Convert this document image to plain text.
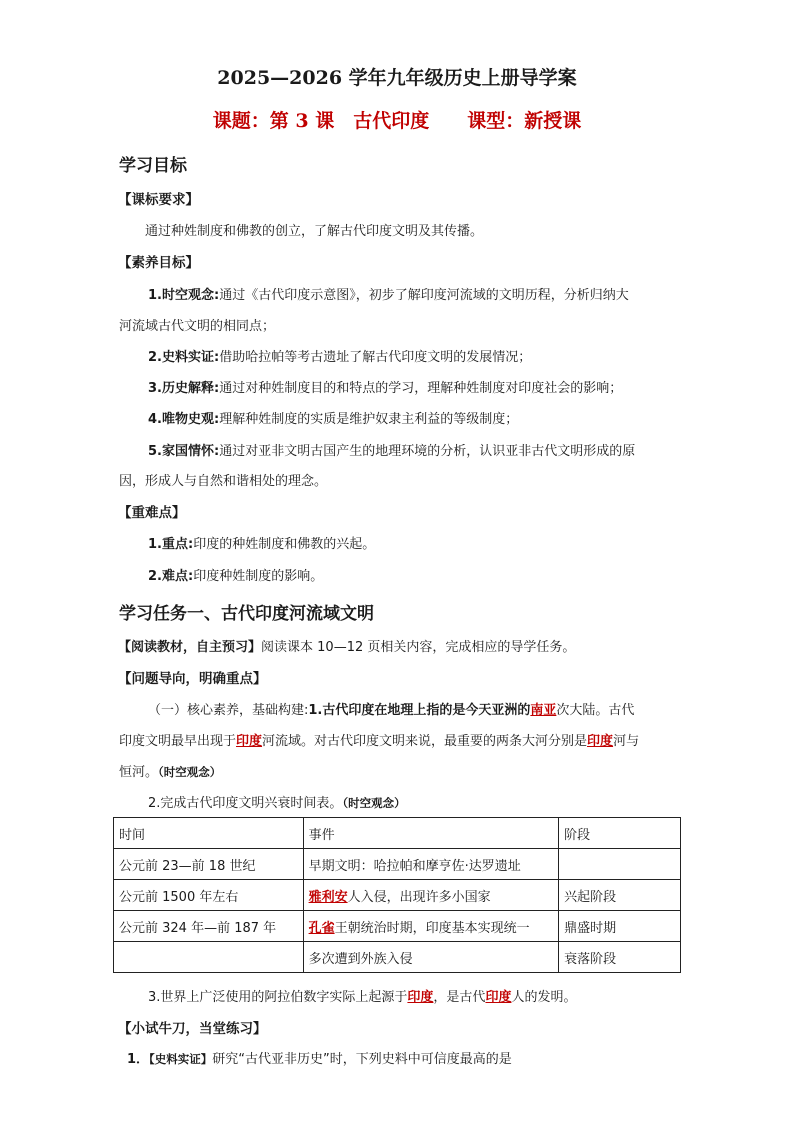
2025—2026 学年九年级历史上册导学案
课题：第 3 课　古代印度　　课型：新授课
学习目标
【课标要求】
通过种姓制度和佛教的创立，了解古代印度文明及其传播。
【素养目标】
1.时空观念:通过《古代印度示意图》，初步了解印度河流域的文明历程，分析归纳大
河流域古代文明的相同点；
2.史料实证:借助哈拉帕等考古遗址了解古代印度文明的发展情况；
3.历史解释:通过对种姓制度目的和特点的学习，理解种姓制度对印度社会的影响；
4.唯物史观:理解种姓制度的实质是维护奴隶主利益的等级制度；
5.家国情怀:通过对亚非文明古国产生的地理环境的分析，认识亚非古代文明形成的原
因，形成人与自然和谐相处的理念。
【重难点】
1.重点:印度的种姓制度和佛教的兴起。
2.难点:印度种姓制度的影响。
学习任务一、古代印度河流域文明
【阅读教材，自主预习】阅读课本 10—12 页相关内容，完成相应的导学任务。
【问题导向，明确重点】
（一）核心素养，基础构建:1.古代印度在地理上指的是今天亚洲的南亚次大陆。古代
印度文明最早出现于印度河流域。对古代印度文明来说，最重要的两条大河分别是印度河与
恒河。（时空观念）
2.完成古代印度文明兴衰时间表。（时空观念）
时间	事件	阶段
公元前 23—前 18 世纪	早期文明：哈拉帕和摩亨佐·达罗遗址	
公元前 1500 年左右	雅利安人入侵，出现许多小国家	兴起阶段
公元前 324 年—前 187 年	孔雀王朝统治时期，印度基本实现统一	鼎盛时期
	多次遭到外族入侵	衰落阶段
3.世界上广泛使用的阿拉伯数字实际上起源于印度，是古代印度人的发明。
【小试牛刀，当堂练习】
1．【史料实证】研究“古代亚非历史”时，下列史料中可信度最高的是
